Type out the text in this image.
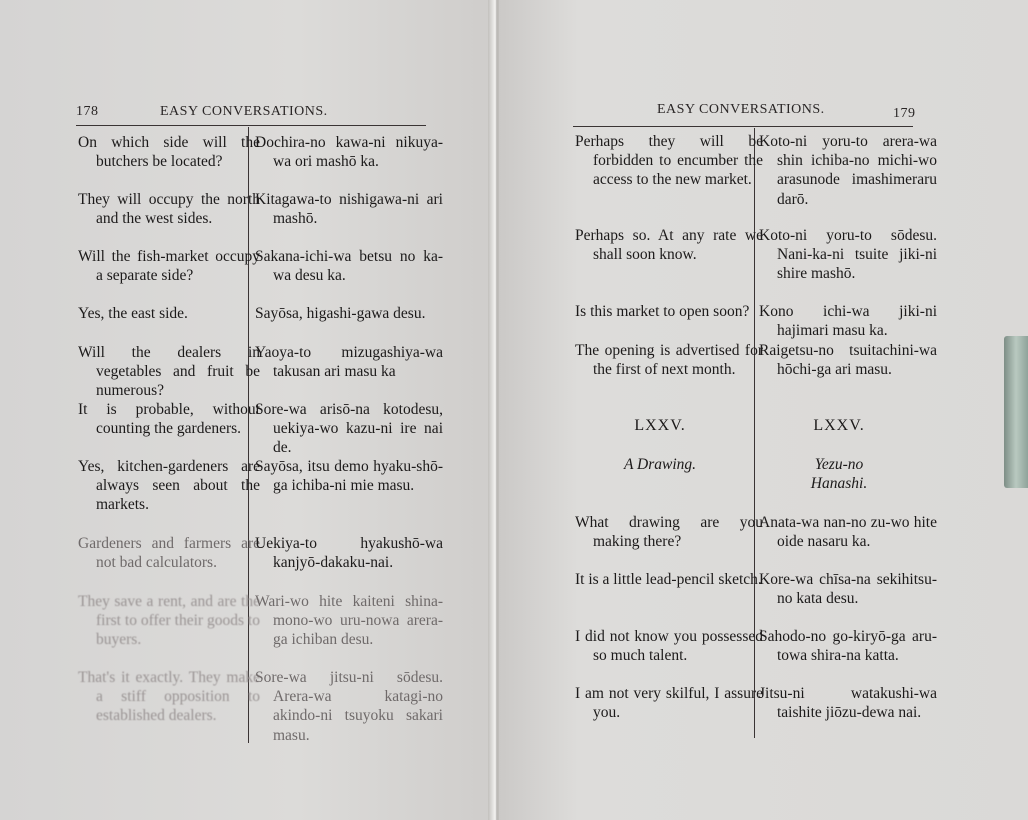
178	EASY CONVERSATIONS.
On which side will the butchers be located?
They will occupy the north and the west sides.
Will the fish-market occupy a separate side?
Yes, the east side.
Will the dealers in vegetables and fruit be numerous?
It is probable, without counting the gardeners.
Yes, kitchen-gardeners are always seen about the markets.
Gardeners and farmers are not bad calculators.
They save a rent, and are the first to offer their goods to buyers.
That's it exactly. They make a stiff opposition to established dealers.
Dochira-no kawa-ni nikuya-wa ori mashō ka.
Kitagawa-to nishigawa-ni ari mashō.
Sakana-ichi-wa betsu no ka-wa desu ka.
Sayōsa, higashi-gawa desu.
Yaoya-to mizugashiya-wa takusan ari masu ka
Sore-wa arisō-na kotodesu, uekiya-wo kazu-ni ire nai de.
Sayōsa, itsu demo hyaku-shō-ga ichiba-ni mie masu.
Uekiya-to hyakushō-wa kanjyō-dakaku-nai.
Wari-wo hite kaiteni shina-mono-wo uru-nowa arera-ga ichiban desu.
Sore-wa jitsu-ni sōdesu. Arera-wa katagi-no akindo-ni tsuyoku sakari masu.
EASY CONVERSATIONS.	179
Perhaps they will be forbidden to encumber the access to the new market.
Perhaps so. At any rate we shall soon know.
Is this market to open soon?
The opening is advertised for the first of next month.
LXXV.
A Drawing.
What drawing are you making there?
It is a little lead-pencil sketch.
I did not know you possessed so much talent.
I am not very skilful, I assure you.
Koto-ni yoru-to arera-wa shin ichiba-no michi-wo arasunode imashimeraru darō.
Koto-ni yoru-to sōdesu. Nani-ka-ni tsuite jiki-ni shire mashō.
Kono ichi-wa jiki-ni hajimari masu ka.
Raigetsu-no tsuitachini-wa hōchi-ga ari masu.
LXXV.
Yezu-no
Hanashi.
Anata-wa nan-no zu-wo hite oide nasaru ka.
Kore-wa chīsa-na sekihitsu-no kata desu.
Sahodo-no go-kiryō-ga aru-towa shira-na katta.
Jitsu-ni watakushi-wa taishite jiōzu-dewa nai.
